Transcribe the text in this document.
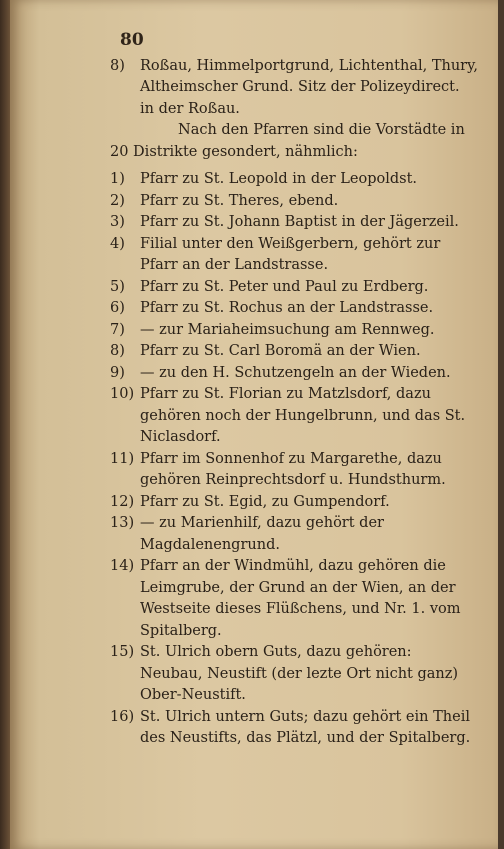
80
8)	Roßau, Himmelportgrund, Lichtenthal, Thury, Altheimscher Grund. Sitz der Polizeydirect. in der Roßau.
Nach den Pfarren sind die Vorstädte in
20 Distrikte gesondert, nähmlich:
1)	Pfarr zu St. Leopold in der Leopoldst.
2)	Pfarr zu St. Theres, ebend.
3)	Pfarr zu St. Johann Baptist in der Jägerzeil.
4)	Filial unter den Weißgerbern, gehört zur Pfarr an der Landstrasse.
5)	Pfarr zu St. Peter und Paul zu Erdberg.
6)	Pfarr zu St. Rochus an der Landstrasse.
7)	— zur Mariaheimsuchung am Rennweg.
8)	Pfarr zu St. Carl Boromä an der Wien.
9)	— zu den H. Schutzengeln an der Wieden.
10) Pfarr zu St. Florian zu Matzlsdorf, dazu gehören noch der Hungelbrunn, und das St. Niclasdorf.
11) Pfarr im Sonnenhof zu Margarethe, dazu gehören Reinprechtsdorf u. Hundsthurm.
12) Pfarr zu St. Egid, zu Gumpendorf.
13) — zu Marienhilf, dazu gehört der Magdalenengrund.
14) Pfarr an der Windmühl, dazu gehören die Leimgrube, der Grund an der Wien, an der Westseite dieses Flüßchens, und Nr. 1. vom Spitalberg.
15) St. Ulrich obern Guts, dazu gehören: Neubau, Neustift (der lezte Ort nicht ganz) Ober-Neustift.
16) St. Ulrich untern Guts; dazu gehört ein Theil des Neustifts, das Plätzl, und der Spitalberg.
